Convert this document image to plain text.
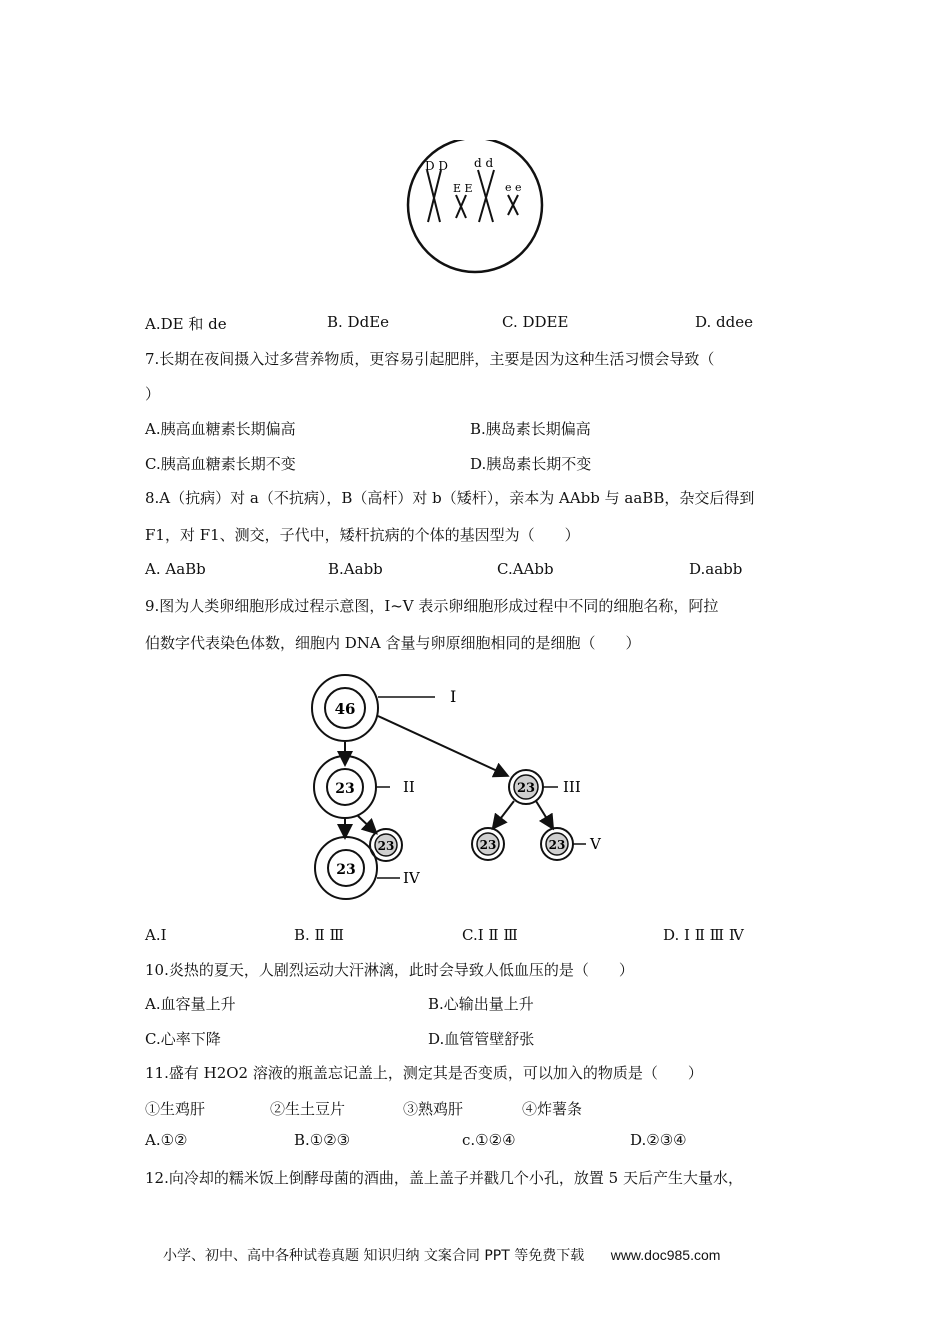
D D d d
E E	e e
A.DE 和 de	B. DdEe	C. DDEE	D. ddee
7.长期在夜间摄入过多营养物质，更容易引起肥胖，主要是因为这种生活习惯会导致（
）
A.胰高血糖素长期偏高	B.胰岛素长期偏高
C.胰高血糖素长期不变	D.胰岛素长期不变
8.A（抗病）对 a（不抗病），B（高杆）对 b（矮杆），亲本为 AAbb 与 aaBB，杂交后得到
F1，对 F1、测交，子代中，矮杆抗病的个体的基因型为（　　）
A. AaBb	B.Aabb	C.AAbb	D.aabb
9.图为人类卵细胞形成过程示意图，Ⅰ~Ⅴ 表示卵细胞形成过程中不同的细胞名称，阿拉
伯数字代表染色体数，细胞内 DNA 含量与卵原细胞相同的是细胞（　　）
46
I
23	II	23 III
23
23	IV
23	23 V
A.Ⅰ	B. Ⅱ Ⅲ	C.Ⅰ Ⅱ Ⅲ	D. Ⅰ Ⅱ Ⅲ Ⅳ
10.炎热的夏天，人剧烈运动大汗淋漓，此时会导致人低血压的是（　　）
A.血容量上升	B.心输出量上升
C.心率下降	D.血管管壁舒张
11.盛有 H2O2 溶液的瓶盖忘记盖上，测定其是否变质，可以加入的物质是（　　）
①生鸡肝	②生土豆片	③熟鸡肝	④炸薯条
A.①②	B.①②③	c.①②④	D.②③④
12.向冷却的糯米饭上倒酵母菌的酒曲，盖上盖子并戳几个小孔，放置 5 天后产生大量水，
小学、初中、高中各种试卷真题 知识归纳 文案合同 PPT 等免费下载 www.doc985.com
